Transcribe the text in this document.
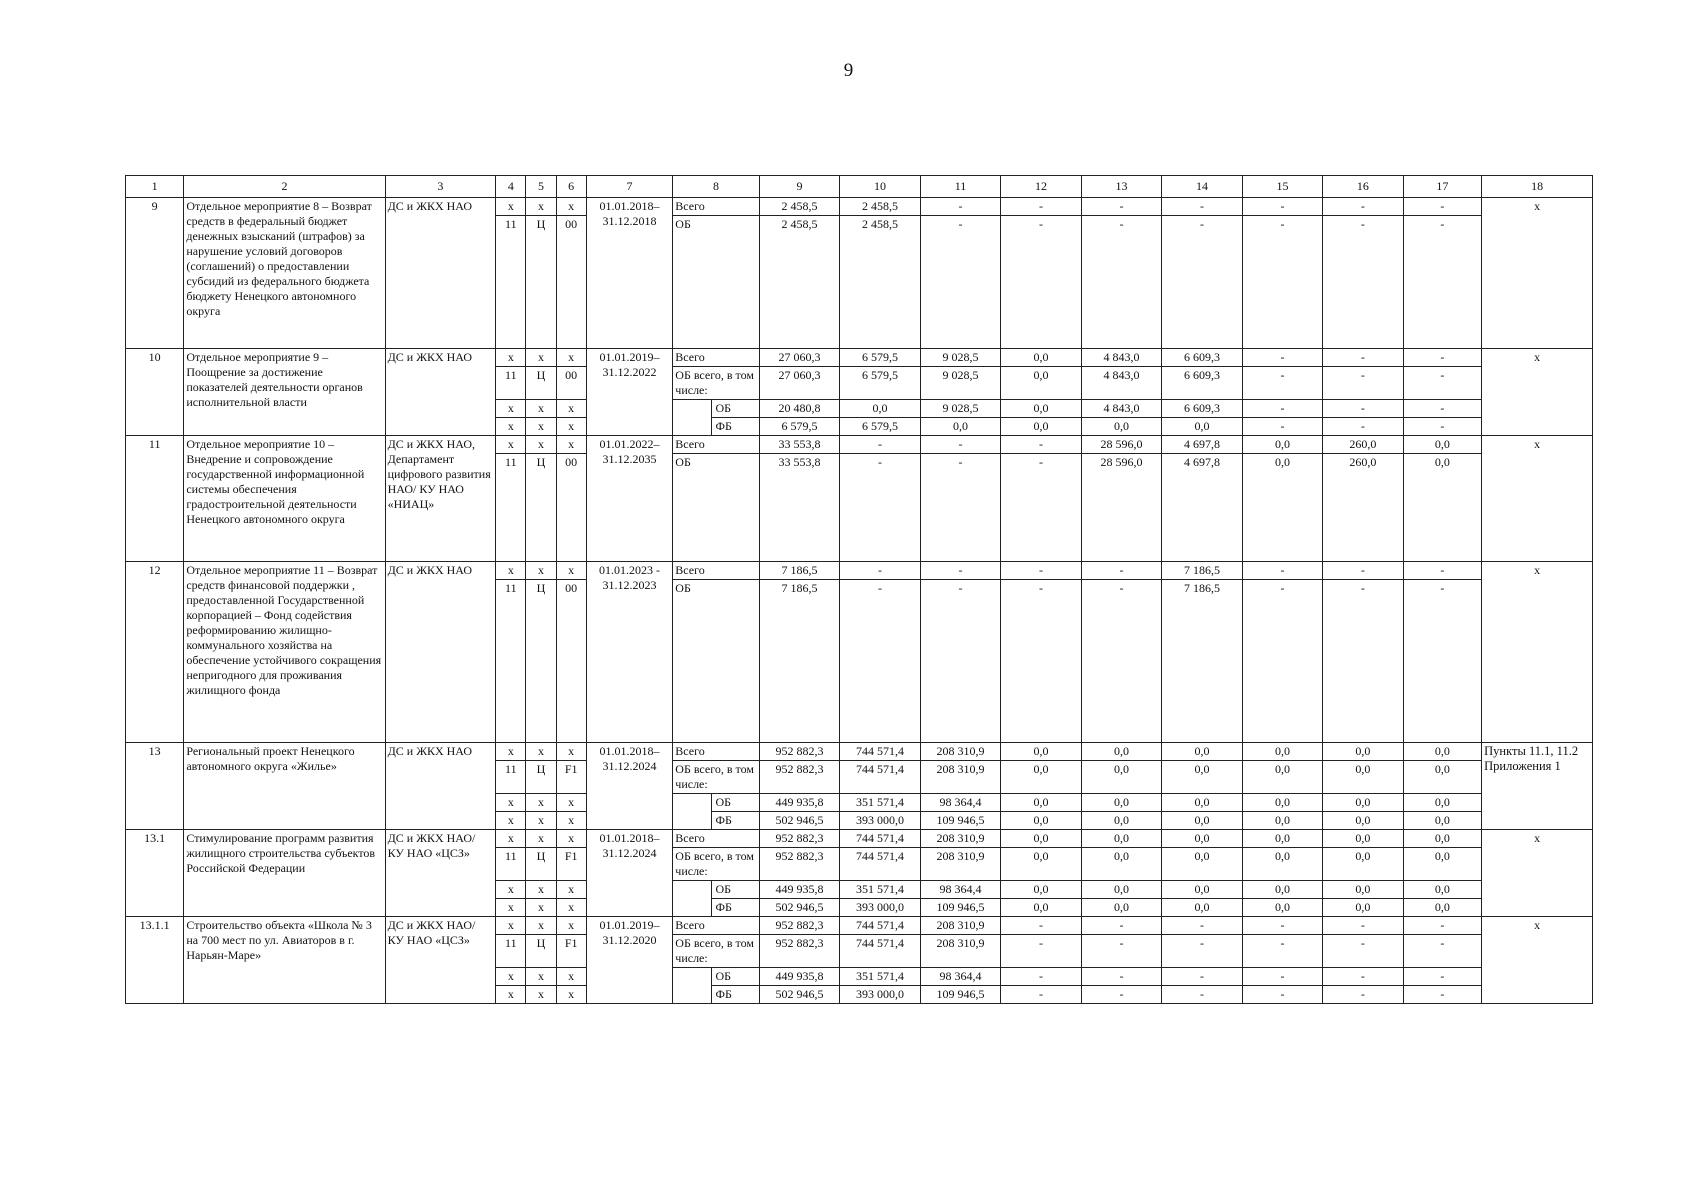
9
1	2	3	4	5	6	7	8		9	10	11	12	13	14	15	16	17	18
9	Отдельное мероприятие 8 – Возврат средств в федеральный бюджет денежных взысканий (штрафов) за нарушение условий договоров (соглашений) о предоставлении субсидий из федерального бюджета бюджету Ненецкого автономного округа	ДС и ЖКХ НАО	x	x	x	01.01.2018– 31.12.2018	Всего		2 458,5	2 458,5	-	-	-	-	-	-	-	x
			11	Ц	00		ОБ		2 458,5	2 458,5	-	-	-	-	-	-	-	
10	Отдельное мероприятие 9 – Поощрение за достижение показателей деятельности органов исполнительной власти	ДС и ЖКХ НАО	x	x	x	01.01.2019– 31.12.2022	Всего		27 060,3	6 579,5	9 028,5	0,0	4 843,0	6 609,3	-	-	-	x
			11	Ц	00		ОБ всего, в том числе:		27 060,3	6 579,5	9 028,5	0,0	4 843,0	6 609,3	-	-	-	
			x	x	x			ОБ	20 480,8	0,0	9 028,5	0,0	4 843,0	6 609,3	-	-	-	
			x	x	x			ФБ	6 579,5	6 579,5	0,0	0,0	0,0	0,0	-	-	-	
11	Отдельное мероприятие 10 – Внедрение и сопровождение государственной информационной системы обеспечения градостроительной деятельности Ненецкого автономного округа	ДС и ЖКХ НАО, Департамент цифрового развития НАО/ КУ НАО «НИАЦ»	x	x	x	01.01.2022– 31.12.2035	Всего		33 553,8	-	-	-	28 596,0	4 697,8	0,0	260,0	0,0	x
			11	Ц	00		ОБ		33 553,8	-	-	-	28 596,0	4 697,8	0,0	260,0	0,0	
12	Отдельное мероприятие 11 – Возврат средств финансовой поддержки , предоставленной Государственной корпорацией – Фонд содействия реформированию жилищно-коммунального хозяйства на обеспечение устойчивого сокращения непригодного для проживания жилищного фонда	ДС и ЖКХ НАО	x	x	x	01.01.2023 - 31.12.2023	Всего		7 186,5	-	-	-	-	7 186,5	-	-	-	x
			11	Ц	00		ОБ		7 186,5	-	-	-	-	7 186,5	-	-	-	
13	Региональный проект Ненецкого автономного округа «Жилье»	ДС и ЖКХ НАО	x	x	x	01.01.2018– 31.12.2024	Всего		952 882,3	744 571,4	208 310,9	0,0	0,0	0,0	0,0	0,0	0,0	Пункты 11.1, 11.2 Приложения 1
			11	Ц	F1		ОБ всего, в том числе:		952 882,3	744 571,4	208 310,9	0,0	0,0	0,0	0,0	0,0	0,0	
			x	x	x			ОБ	449 935,8	351 571,4	98 364,4	0,0	0,0	0,0	0,0	0,0	0,0	
			x	x	x			ФБ	502 946,5	393 000,0	109 946,5	0,0	0,0	0,0	0,0	0,0	0,0	
13.1	Стимулирование программ развития жилищного строительства субъектов Российской Федерации	ДС и ЖКХ НАО/ КУ НАО «ЦСЗ»	x	x	x	01.01.2018– 31.12.2024	Всего		952 882,3	744 571,4	208 310,9	0,0	0,0	0,0	0,0	0,0	0,0	x
			11	Ц	F1		ОБ всего, в том числе:		952 882,3	744 571,4	208 310,9	0,0	0,0	0,0	0,0	0,0	0,0	
			x	x	x			ОБ	449 935,8	351 571,4	98 364,4	0,0	0,0	0,0	0,0	0,0	0,0	
			x	x	x			ФБ	502 946,5	393 000,0	109 946,5	0,0	0,0	0,0	0,0	0,0	0,0	
13.1.1	Строительство объекта «Школа № 3 на 700 мест по ул. Авиаторов в г. Нарьян-Маре»	ДС и ЖКХ НАО/ КУ НАО «ЦСЗ»	x	x	x	01.01.2019– 31.12.2020	Всего		952 882,3	744 571,4	208 310,9	-	-	-	-	-	-	x
			11	Ц	F1		ОБ всего, в том числе:		952 882,3	744 571,4	208 310,9	-	-	-	-	-	-	
			x	x	x			ОБ	449 935,8	351 571,4	98 364,4	-	-	-	-	-	-	
			x	x	x			ФБ	502 946,5	393 000,0	109 946,5	-	-	-	-	-	-	
